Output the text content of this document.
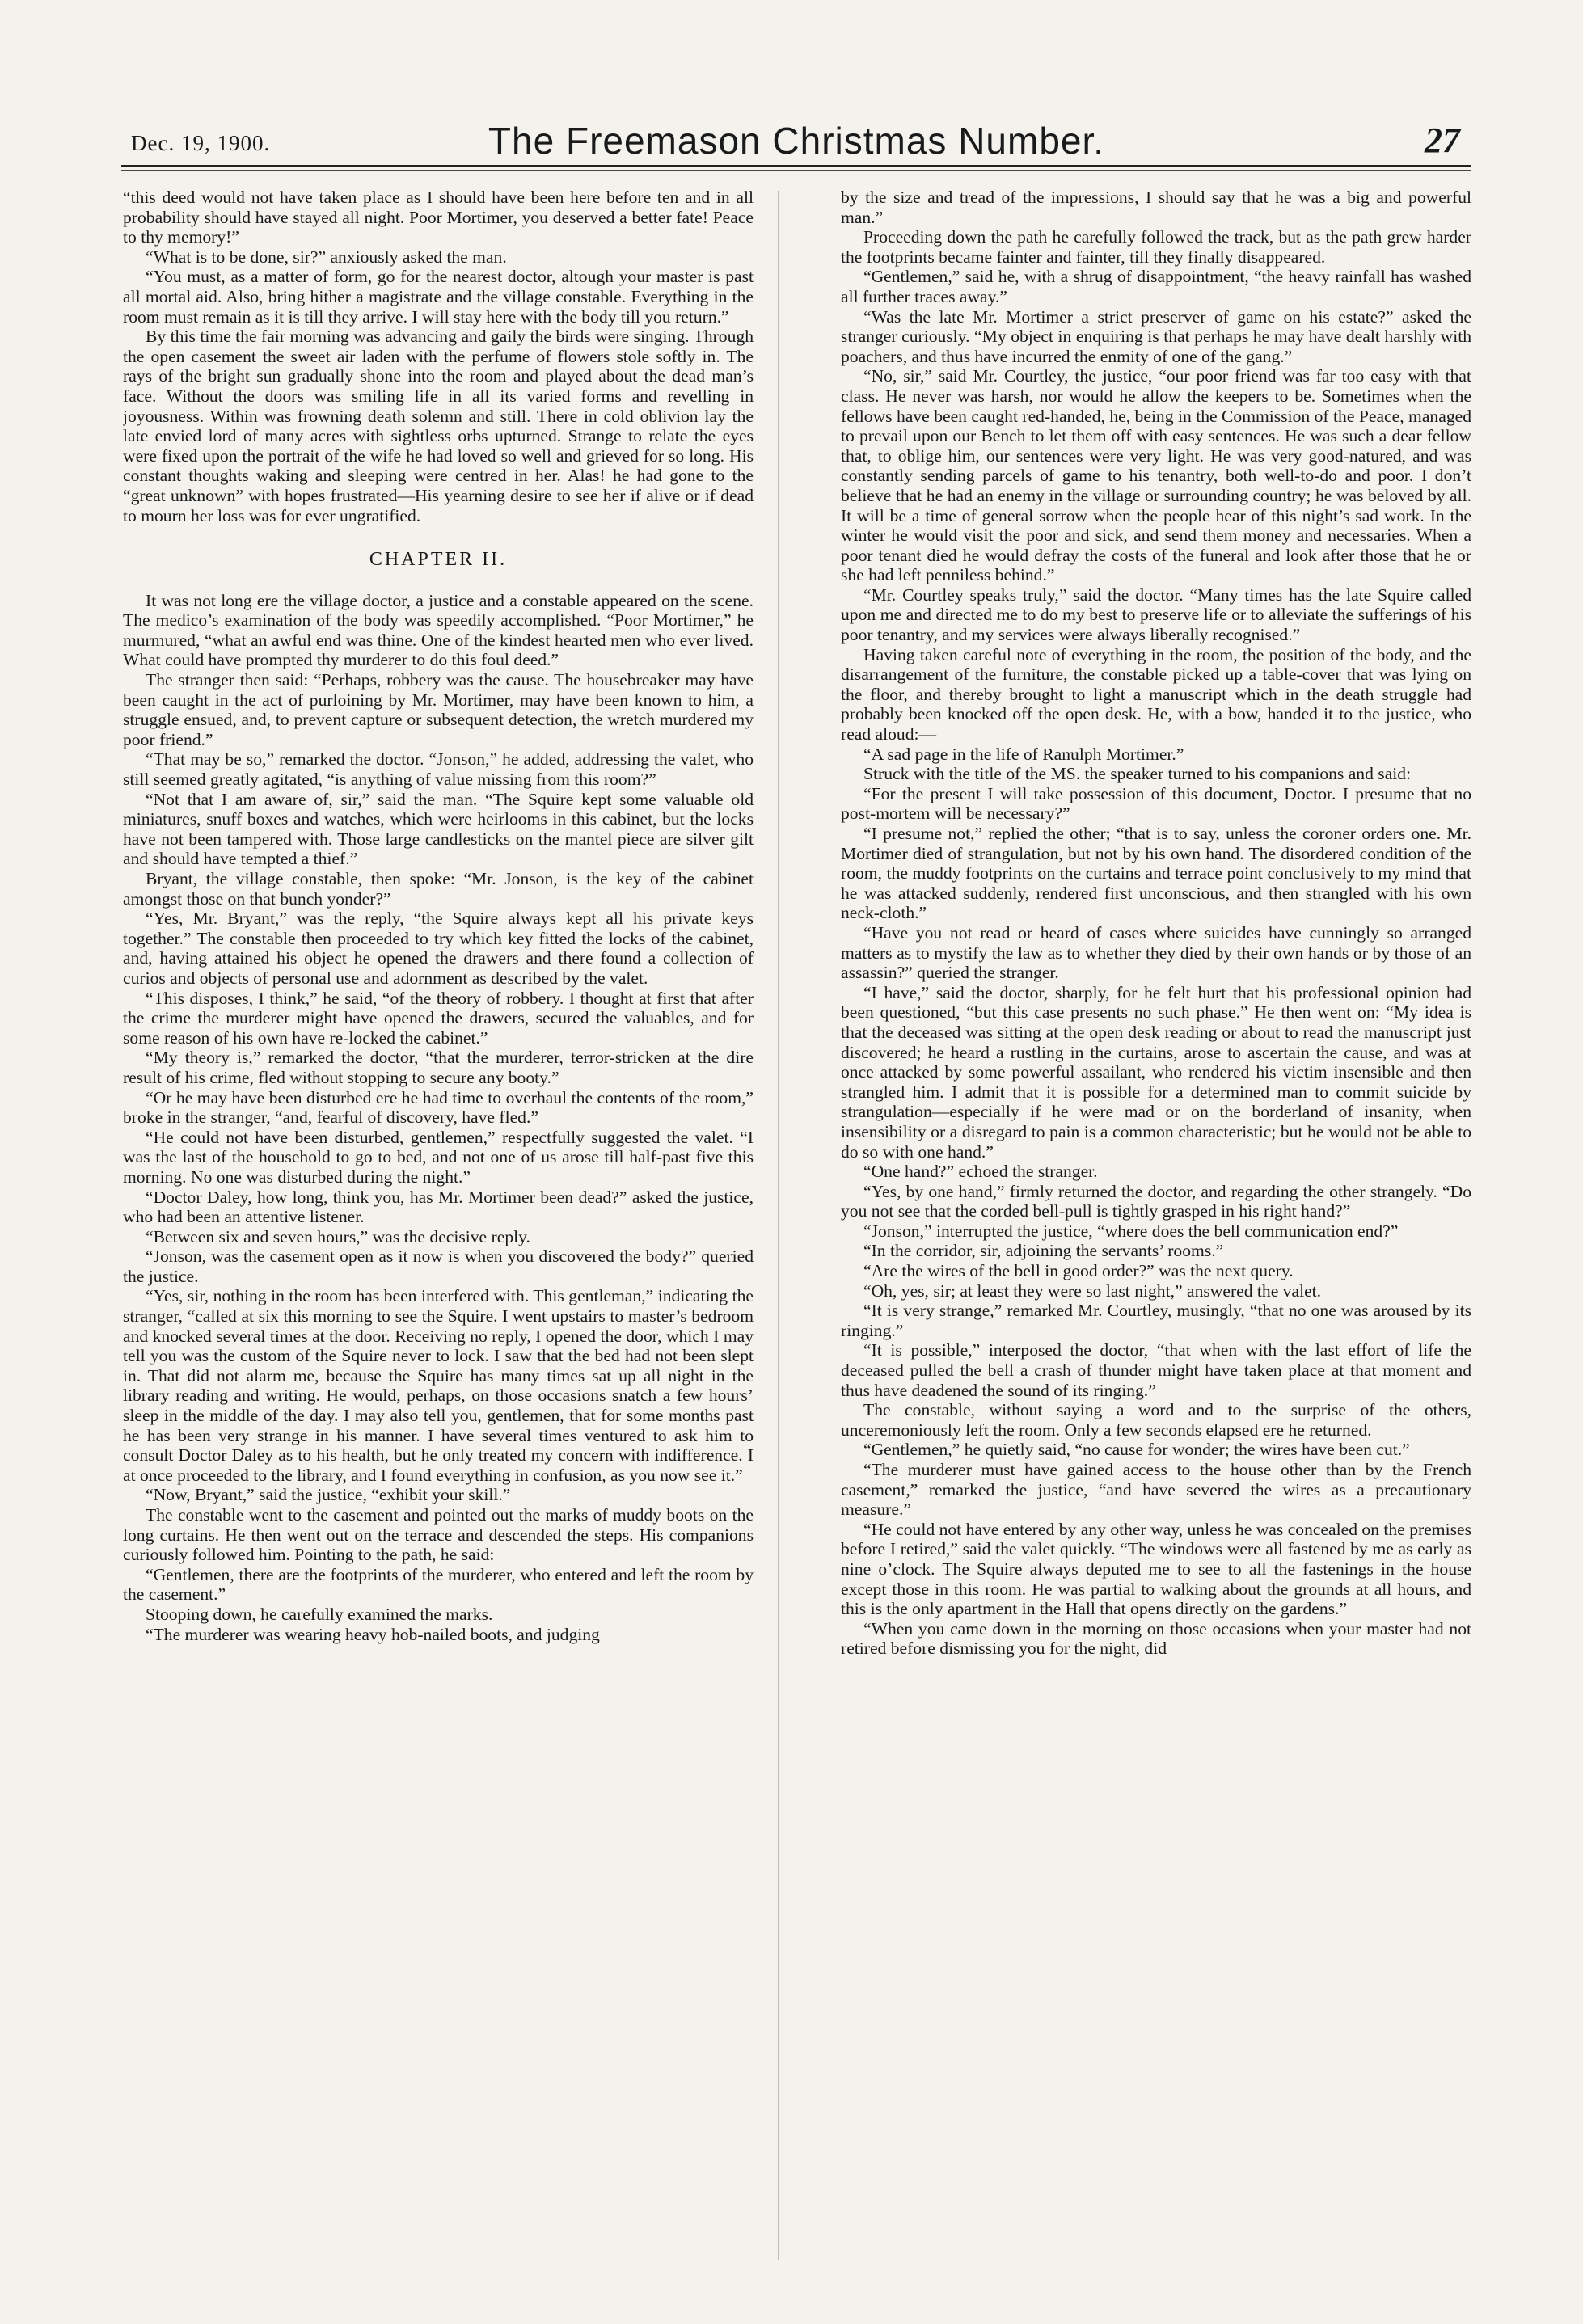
Dec. 19, 1900.	The Freemason Christmas Number.	27

“this deed would not have taken place as I should have been here before ten and in all probability should have stayed all night. Poor Mortimer, you deserved a better fate! Peace to thy memory!”

“What is to be done, sir?” anxiously asked the man.

“You must, as a matter of form, go for the nearest doctor, altough your master is past all mortal aid. Also, bring hither a magistrate and the village constable. Everything in the room must remain as it is till they arrive. I will stay here with the body till you return.”

By this time the fair morning was advancing and gaily the birds were singing. Through the open casement the sweet air laden with the perfume of flowers stole softly in. The rays of the bright sun gradually shone into the room and played about the dead man’s face. Without the doors was smiling life in all its varied forms and revelling in joyousness. Within was frowning death solemn and still. There in cold oblivion lay the late envied lord of many acres with sightless orbs upturned. Strange to relate the eyes were fixed upon the portrait of the wife he had loved so well and grieved for so long. His constant thoughts waking and sleeping were centred in her. Alas! he had gone to the “great unknown” with hopes frustrated—His yearning desire to see her if alive or if dead to mourn her loss was for ever ungratified.

CHAPTER II.

It was not long ere the village doctor, a justice and a constable appeared on the scene. The medico’s examination of the body was speedily accomplished. “Poor Mortimer,” he murmured, “what an awful end was thine. One of the kindest hearted men who ever lived. What could have prompted thy murderer to do this foul deed.”

The stranger then said: “Perhaps, robbery was the cause. The housebreaker may have been caught in the act of purloining by Mr. Mortimer, may have been known to him, a struggle ensued, and, to prevent capture or subsequent detection, the wretch murdered my poor friend.”

“That may be so,” remarked the doctor. “Jonson,” he added, addressing the valet, who still seemed greatly agitated, “is anything of value missing from this room?”

“Not that I am aware of, sir,” said the man. “The Squire kept some valuable old miniatures, snuff boxes and watches, which were heirlooms in this cabinet, but the locks have not been tampered with. Those large candlesticks on the mantel piece are silver gilt and should have tempted a thief.”

Bryant, the village constable, then spoke: “Mr. Jonson, is the key of the cabinet amongst those on that bunch yonder?”

“Yes, Mr. Bryant,” was the reply, “the Squire always kept all his private keys together.” The constable then proceeded to try which key fitted the locks of the cabinet, and, having attained his object he opened the drawers and there found a collection of curios and objects of personal use and adornment as described by the valet.

“This disposes, I think,” he said, “of the theory of robbery. I thought at first that after the crime the murderer might have opened the drawers, secured the valuables, and for some reason of his own have re-locked the cabinet.”

“My theory is,” remarked the doctor, “that the murderer, terror-stricken at the dire result of his crime, fled without stopping to secure any booty.”

“Or he may have been disturbed ere he had time to overhaul the contents of the room,” broke in the stranger, “and, fearful of discovery, have fled.”

“He could not have been disturbed, gentlemen,” respectfully suggested the valet. “I was the last of the household to go to bed, and not one of us arose till half-past five this morning. No one was disturbed during the night.”

“Doctor Daley, how long, think you, has Mr. Mortimer been dead?” asked the justice, who had been an attentive listener.

“Between six and seven hours,” was the decisive reply.

“Jonson, was the casement open as it now is when you discovered the body?” queried the justice.

“Yes, sir, nothing in the room has been interfered with. This gentleman,” indicating the stranger, “called at six this morning to see the Squire. I went upstairs to master’s bedroom and knocked several times at the door. Receiving no reply, I opened the door, which I may tell you was the custom of the Squire never to lock. I saw that the bed had not been slept in. That did not alarm me, because the Squire has many times sat up all night in the library reading and writing. He would, perhaps, on those occasions snatch a few hours’ sleep in the middle of the day. I may also tell you, gentlemen, that for some months past he has been very strange in his manner. I have several times ventured to ask him to consult Doctor Daley as to his health, but he only treated my concern with indifference. I at once proceeded to the library, and I found everything in confusion, as you now see it.”

“Now, Bryant,” said the justice, “exhibit your skill.”

The constable went to the casement and pointed out the marks of muddy boots on the long curtains. He then went out on the terrace and descended the steps. His companions curiously followed him. Pointing to the path, he said:

“Gentlemen, there are the footprints of the murderer, who entered and left the room by the casement.”

Stooping down, he carefully examined the marks.

“The murderer was wearing heavy hob-nailed boots, and judging

by the size and tread of the impressions, I should say that he was a big and powerful man.”

Proceeding down the path he carefully followed the track, but as the path grew harder the footprints became fainter and fainter, till they finally disappeared.

“Gentlemen,” said he, with a shrug of disappointment, “the heavy rainfall has washed all further traces away.”

“Was the late Mr. Mortimer a strict preserver of game on his estate?” asked the stranger curiously. “My object in enquiring is that perhaps he may have dealt harshly with poachers, and thus have incurred the enmity of one of the gang.”

“No, sir,” said Mr. Courtley, the justice, “our poor friend was far too easy with that class. He never was harsh, nor would he allow the keepers to be. Sometimes when the fellows have been caught red-handed, he, being in the Commission of the Peace, managed to prevail upon our Bench to let them off with easy sentences. He was such a dear fellow that, to oblige him, our sentences were very light. He was very good-natured, and was constantly sending parcels of game to his tenantry, both well-to-do and poor. I don’t believe that he had an enemy in the village or surrounding country; he was beloved by all. It will be a time of general sorrow when the people hear of this night’s sad work. In the winter he would visit the poor and sick, and send them money and necessaries. When a poor tenant died he would defray the costs of the funeral and look after those that he or she had left penniless behind.”

“Mr. Courtley speaks truly,” said the doctor. “Many times has the late Squire called upon me and directed me to do my best to preserve life or to alleviate the sufferings of his poor tenantry, and my services were always liberally recognised.”

Having taken careful note of everything in the room, the position of the body, and the disarrangement of the furniture, the constable picked up a table-cover that was lying on the floor, and thereby brought to light a manuscript which in the death struggle had probably been knocked off the open desk. He, with a bow, handed it to the justice, who read aloud:—

“A sad page in the life of Ranulph Mortimer.”

Struck with the title of the MS. the speaker turned to his companions and said:

“For the present I will take possession of this document, Doctor. I presume that no post-mortem will be necessary?”

“I presume not,” replied the other; “that is to say, unless the coroner orders one. Mr. Mortimer died of strangulation, but not by his own hand. The disordered condition of the room, the muddy footprints on the curtains and terrace point conclusively to my mind that he was attacked suddenly, rendered first unconscious, and then strangled with his own neck-cloth.”

“Have you not read or heard of cases where suicides have cunningly so arranged matters as to mystify the law as to whether they died by their own hands or by those of an assassin?” queried the stranger.

“I have,” said the doctor, sharply, for he felt hurt that his professional opinion had been questioned, “but this case presents no such phase.” He then went on: “My idea is that the deceased was sitting at the open desk reading or about to read the manuscript just discovered; he heard a rustling in the curtains, arose to ascertain the cause, and was at once attacked by some powerful assailant, who rendered his victim insensible and then strangled him. I admit that it is possible for a determined man to commit suicide by strangulation—especially if he were mad or on the borderland of insanity, when insensibility or a disregard to pain is a common characteristic; but he would not be able to do so with one hand.”

“One hand?” echoed the stranger.

“Yes, by one hand,” firmly returned the doctor, and regarding the other strangely. “Do you not see that the corded bell-pull is tightly grasped in his right hand?”

“Jonson,” interrupted the justice, “where does the bell communication end?”

“In the corridor, sir, adjoining the servants’ rooms.”

“Are the wires of the bell in good order?” was the next query.

“Oh, yes, sir; at least they were so last night,” answered the valet.

“It is very strange,” remarked Mr. Courtley, musingly, “that no one was aroused by its ringing.”

“It is possible,” interposed the doctor, “that when with the last effort of life the deceased pulled the bell a crash of thunder might have taken place at that moment and thus have deadened the sound of its ringing.”

The constable, without saying a word and to the surprise of the others, unceremoniously left the room. Only a few seconds elapsed ere he returned.

“Gentlemen,” he quietly said, “no cause for wonder; the wires have been cut.”

“The murderer must have gained access to the house other than by the French casement,” remarked the justice, “and have severed the wires as a precautionary measure.”

“He could not have entered by any other way, unless he was concealed on the premises before I retired,” said the valet quickly. “The windows were all fastened by me as early as nine o’clock. The Squire always deputed me to see to all the fastenings in the house except those in this room. He was partial to walking about the grounds at all hours, and this is the only apartment in the Hall that opens directly on the gardens.”

“When you came down in the morning on those occasions when your master had not retired before dismissing you for the night, did
